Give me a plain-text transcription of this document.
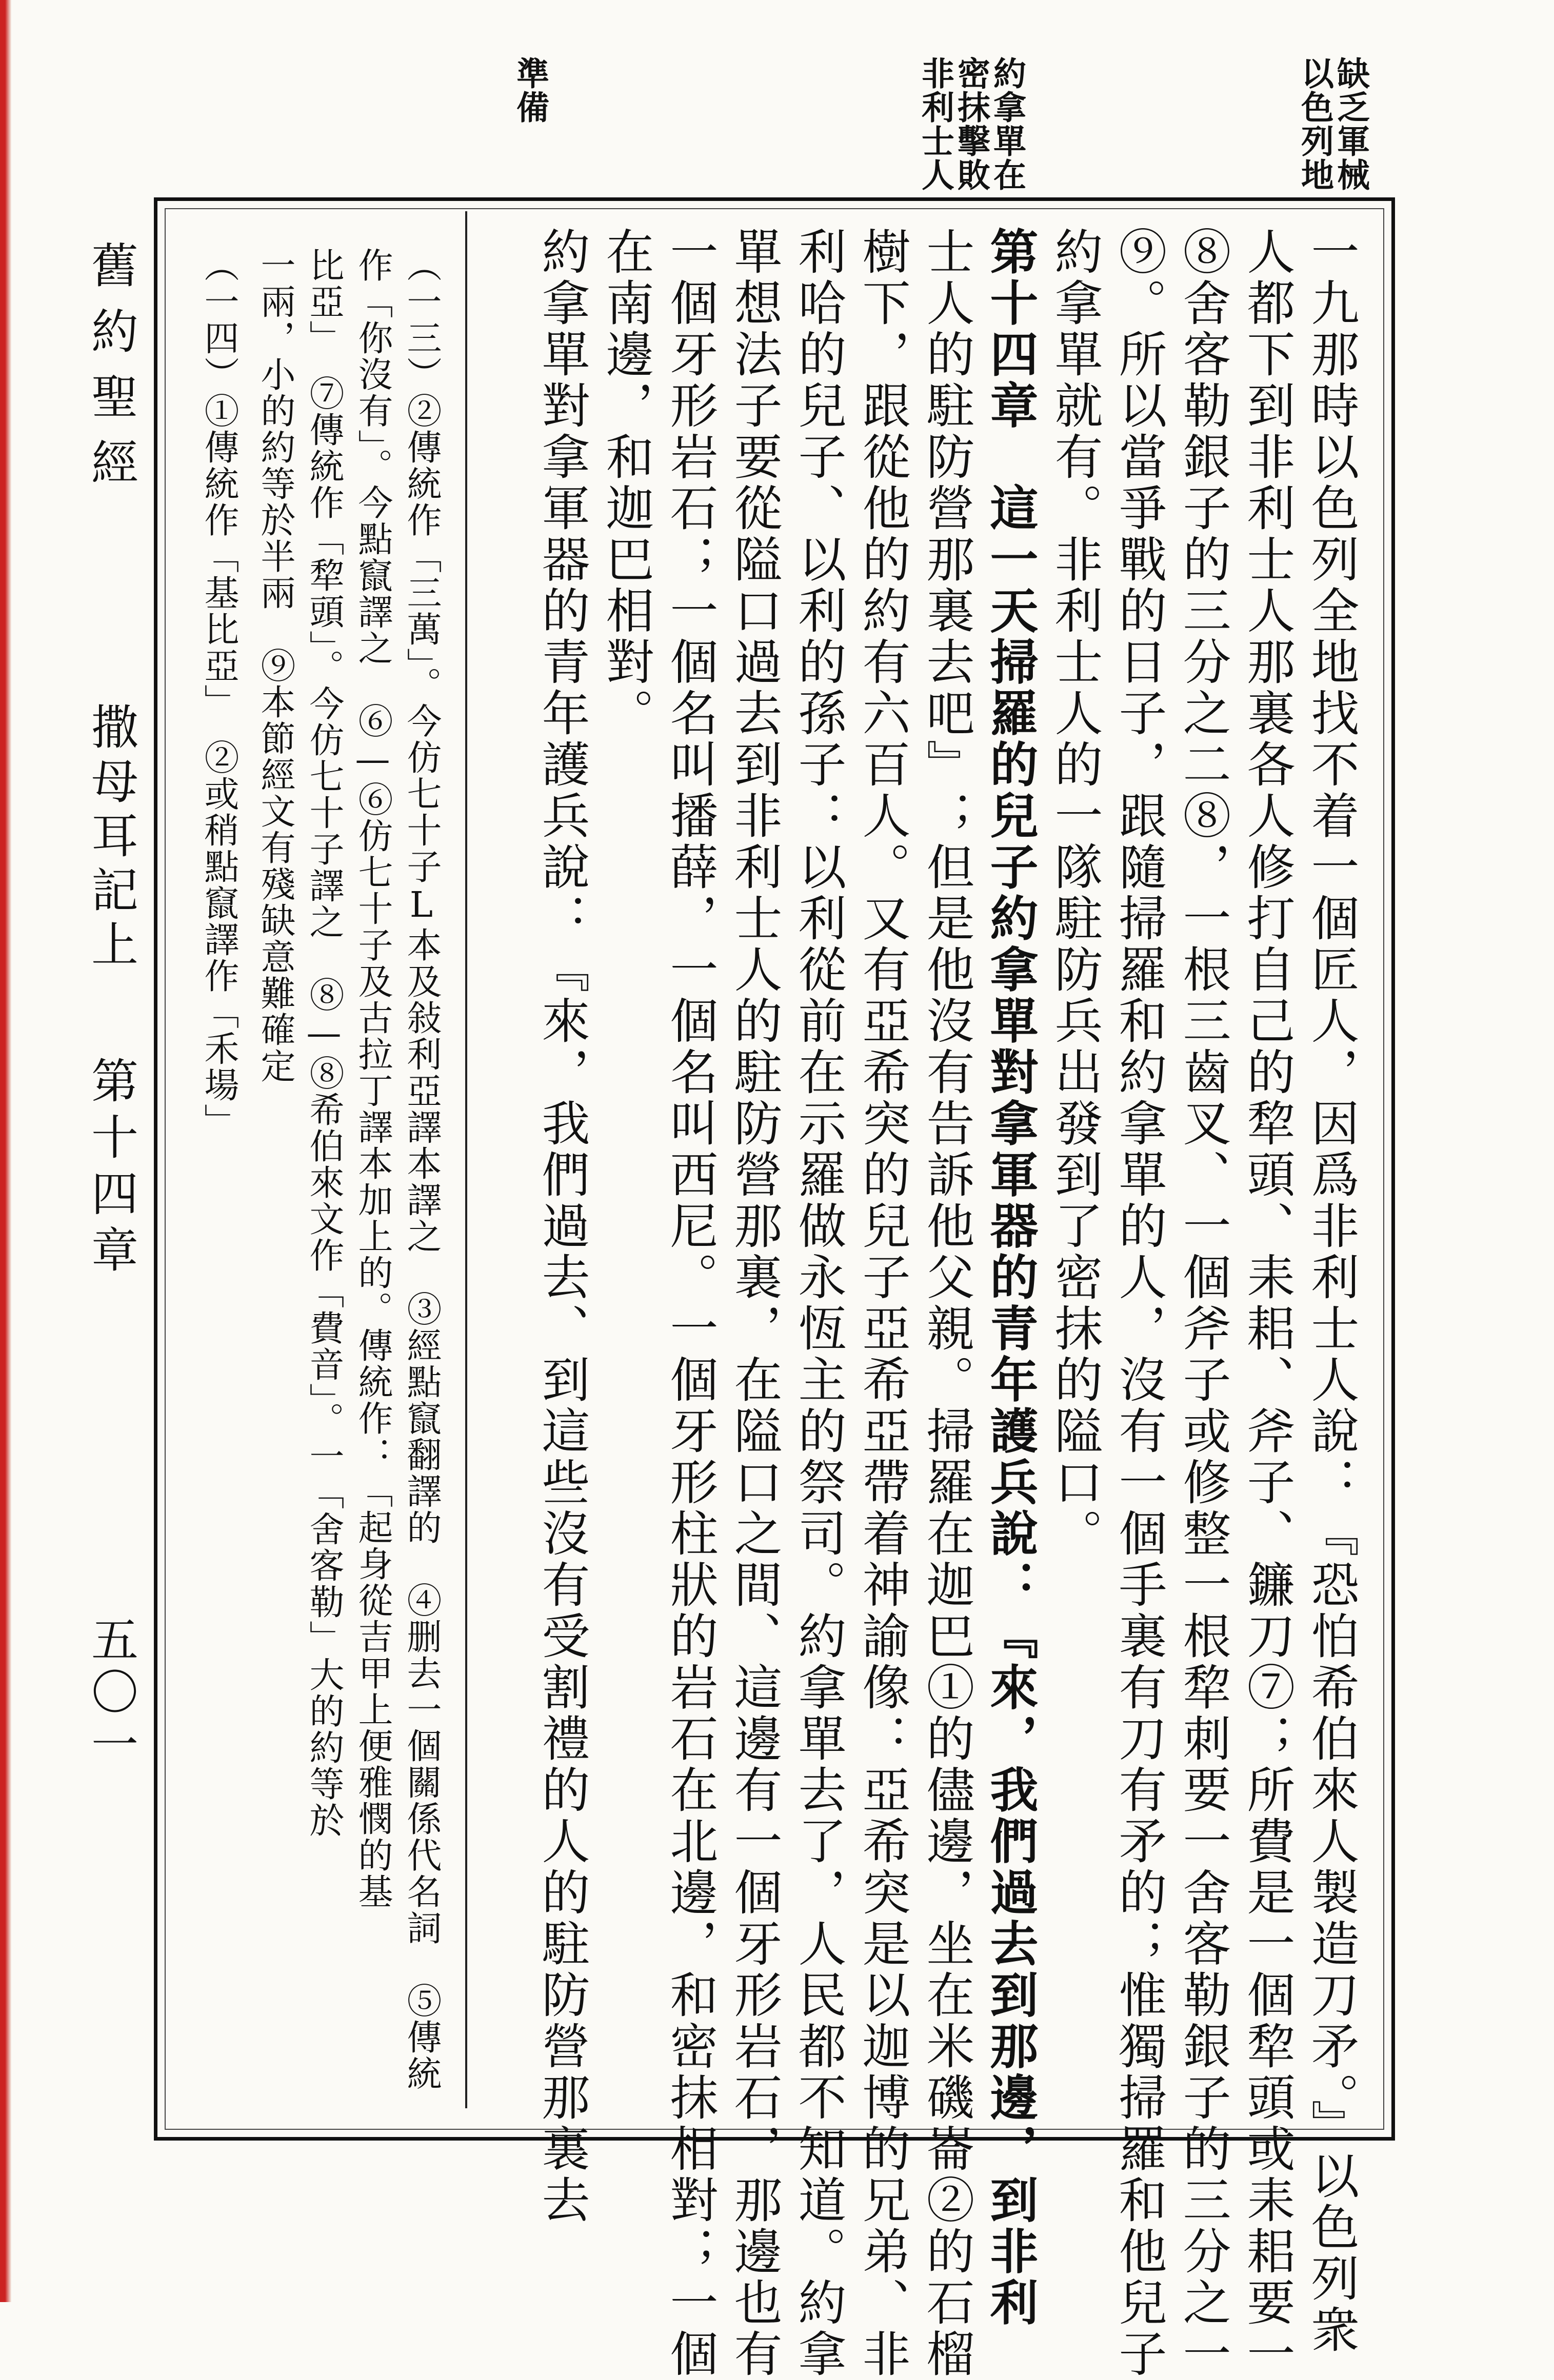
以色列地
缺乏軍械
約拿單在
密抹擊敗
非利士人
準備
一九那時以色列全地找不着一個匠人，因爲非利士人說：『恐怕希伯來人製造刀矛。』以色列衆
人都下到非利士人那裏各人修打自己的犂頭、耒耜、斧子、鐮刀⑦；所費是一個犂頭或耒耜要一
⑧舍客勒銀子的三分之二⑧，一根三齒叉、一個斧子或修整一根犂刺要一舍客勒銀子的三分之一
⑨。所以當爭戰的日子，跟隨掃羅和約拿單的人，沒有一個手裏有刀有矛的；惟獨掃羅和他兒子
約拿單就有。非利士人的一隊駐防兵出發到了密抹的隘口。
第十四章　這一天掃羅的兒子約拿單對拿軍器的青年護兵說：『來，我們過去到那邊，到非利
士人的駐防營那裏去吧』；但是他沒有告訴他父親。掃羅在迦巴①的儘邊，坐在米磯崙②的石榴
樹下，跟從他的約有六百人。又有亞希突的兒子亞希亞帶着神諭像：亞希突是以迦博的兄弟、非
利哈的兒子、以利的孫子：以利從前在示羅做永恆主的祭司。約拿單去了，人民都不知道。約拿
單想法子要從隘口過去到非利士人的駐防營那裏，在隘口之間、這邊有一個牙形岩石，那邊也有
一個牙形岩石；一個名叫播薛，一個名叫西尼。一個牙形柱狀的岩石在北邊，和密抹相對；一個
在南邊，和迦巴相對。
約拿單對拿軍器的青年護兵說：『來，我們過去、到這些沒有受割禮的人的駐防營那裏去
（一三）②傳統作「三萬」。今仿七十子L本及敍利亞譯本譯之　③經點竄翻譯的　④删去一個關係代名詞　⑤傳統
作「你沒有」。今點竄譯之　⑥—⑥仿七十子及古拉丁譯本加上的。傳統作：「起身從吉甲上便雅憫的基
比亞」　⑦傳統作「犂頭」。今仿七十子譯之　⑧—⑧希伯來文作「費音」。一「舍客勒」大的約等於
一兩，小的約等於半兩　⑨本節經文有殘缺意難確定
（一四）①傳統作「基比亞」　②或稍點竄譯作「禾場」
舊約聖經
撒母耳記上
第十四章
五〇一
